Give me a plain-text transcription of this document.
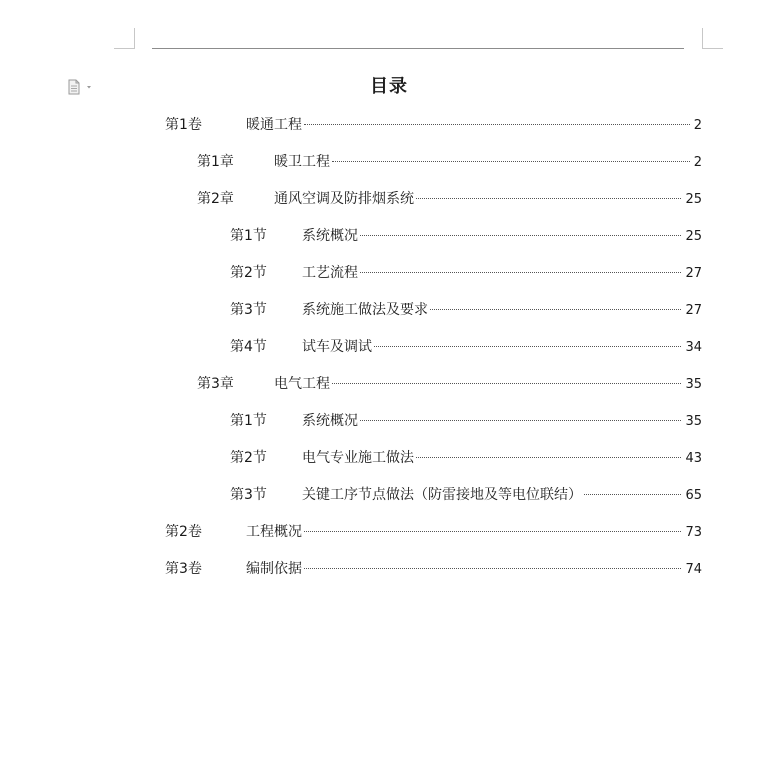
目录
第1卷	暖通工程	2
第1章	暖卫工程	2
第2章	通风空调及防排烟系统	25
第1节	系统概况	25
第2节	工艺流程	27
第3节	系统施工做法及要求	27
第4节	试车及调试	34
第3章	电气工程	35
第1节	系统概况	35
第2节	电气专业施工做法	43
第3节	关键工序节点做法（防雷接地及等电位联结）	65
第2卷	工程概况	73
第3卷	编制依据	74
